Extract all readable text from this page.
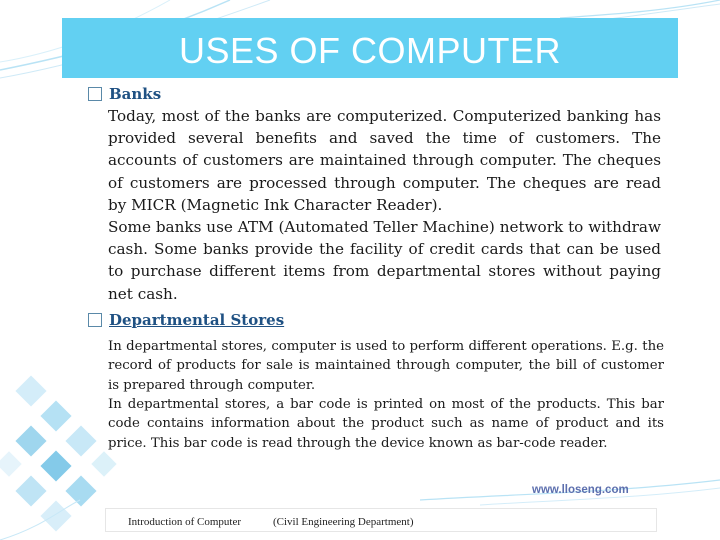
USES OF COMPUTER
Banks
Today, most of the banks are computerized. Computerized banking has provided several benefits and saved the time of customers. The accounts of customers are maintained through computer. The cheques of customers are processed through computer. The cheques are read by MICR (Magnetic Ink Character Reader).
Some banks use ATM (Automated Teller Machine) network to withdraw cash. Some banks provide the facility of credit cards that can be used to purchase different items from departmental stores without paying net cash.
Departmental Stores
In departmental stores, computer is used to perform different operations. E.g. the record of products for sale is maintained through computer, the bill of customer is prepared through computer.
In departmental stores, a bar code is printed on most of the products. This bar code contains information about the product such as name of product and its price. This bar code is read through the device known as bar-code reader.
www.lloseng.com
Introduction of Computer	(Civil Engineering Department)
